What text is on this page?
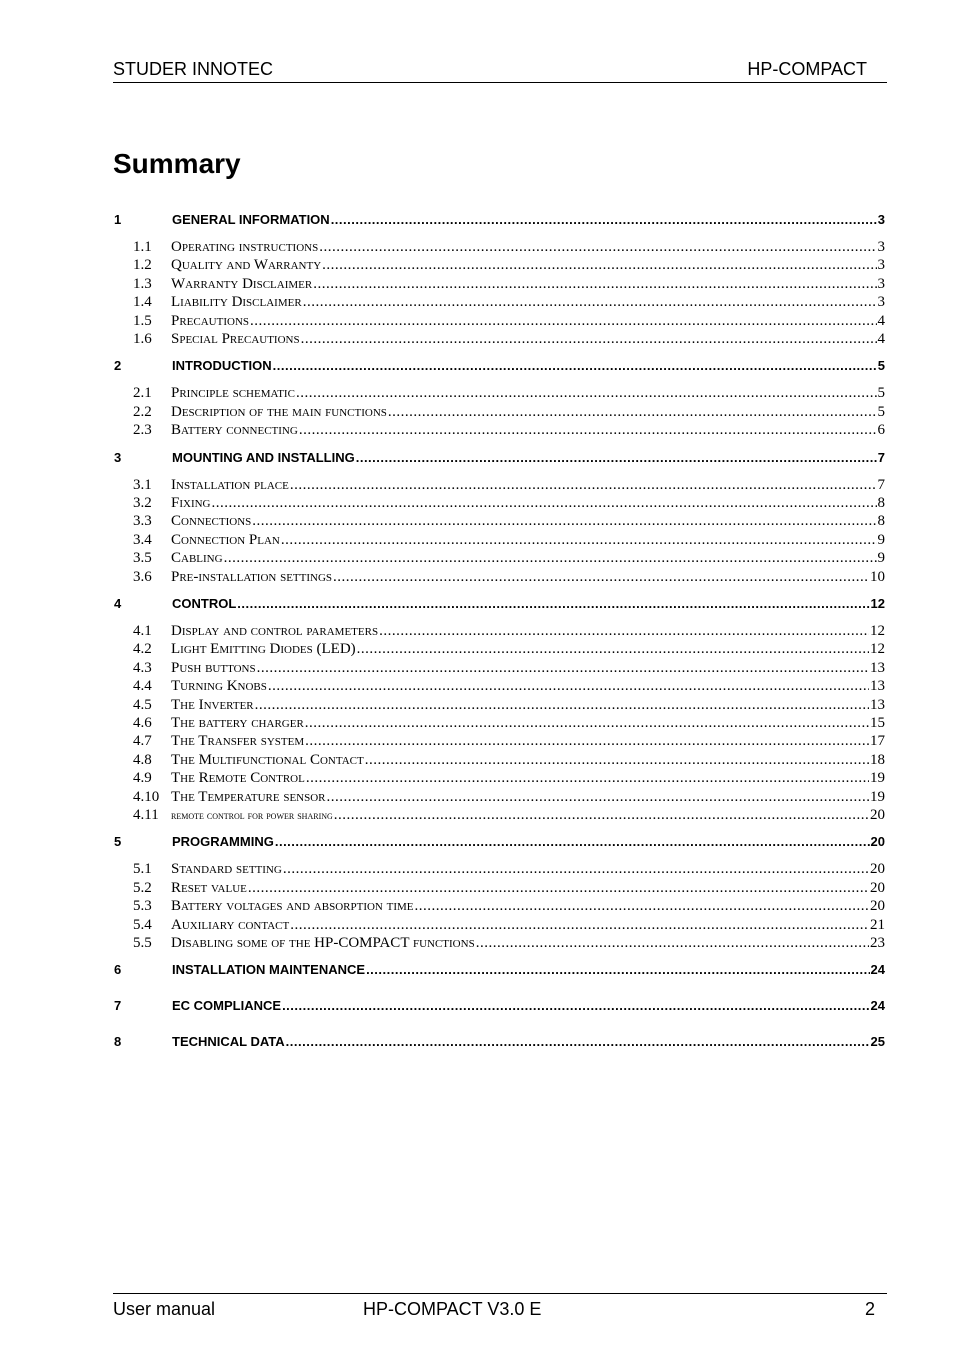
STUDER INNOTEC	HP-COMPACT
Summary
1	GENERAL INFORMATION .....	3
1.1	Operating instructions .....	3
1.2	Quality and Warranty .....	3
1.3	Warranty Disclaimer .....	3
1.4	Liability Disclaimer .....	3
1.5	Precautions .....	4
1.6	Special Precautions .....	4
2	INTRODUCTION .....	5
2.1	Principle schematic .....	5
2.2	Description of the main functions .....	5
2.3	Battery connecting .....	6
3	MOUNTING AND INSTALLING .....	7
3.1	Installation place .....	7
3.2	Fixing .....	8
3.3	Connections .....	8
3.4	Connection Plan .....	9
3.5	Cabling .....	9
3.6	Pre-installation settings .....	10
4	CONTROL .....	12
4.1	Display and control parameters .....	12
4.2	Light Emitting Diodes (LED) .....	12
4.3	Push buttons .....	13
4.4	Turning Knobs .....	13
4.5	The Inverter .....	13
4.6	The battery charger .....	15
4.7	The Transfer system .....	17
4.8	The Multifunctional Contact .....	18
4.9	The Remote Control .....	19
4.10 The Temperature sensor .....	19
4.11	remote control for power sharing .....	20
5	PROGRAMMING .....	20
5.1	Standard setting .....	20
5.2	Reset value .....	20
5.3	Battery voltages and absorption time .....	20
5.4	Auxiliary contact .....	21
5.5	Disabling some of the HP-COMPACT functions .....	23
6	INSTALLATION MAINTENANCE .....	24
7	EC COMPLIANCE .....	24
8	TECHNICAL DATA .....	25
User manual	HP-COMPACT V3.0 E	2
